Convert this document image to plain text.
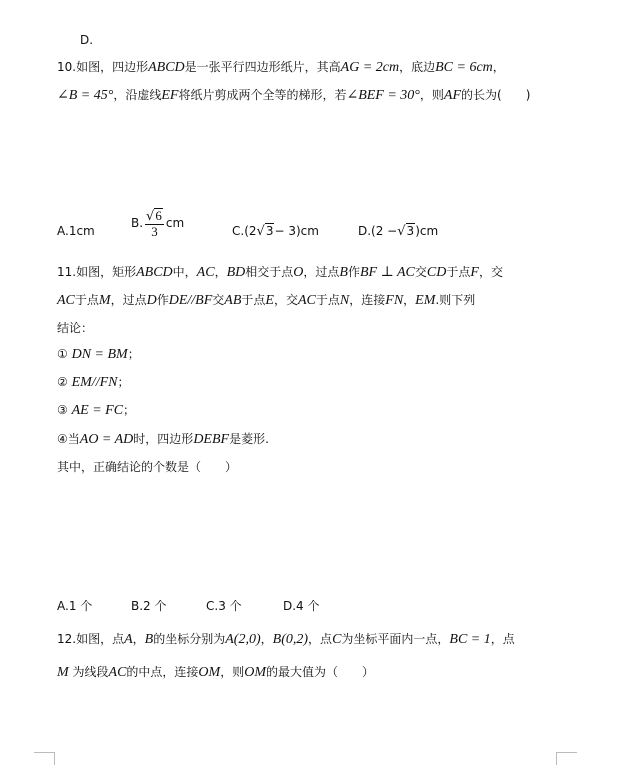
D.
10.如图，四边形ABCD是一张平行四边形纸片，其高AG = 2cm，底边BC = 6cm，
∠B = 45°，沿虚线EF将纸片剪成两个全等的梯形，若∠BEF = 30°，则AF的长为(　　)
A.1cm
B. $\frac{√6}{3}$ cm
C.(2√3− 3)cm	D.(2 −√3)cm
11.如图，矩形ABCD中，AC，BD相交于点O，过点B作BF ⊥ AC交CD于点F，交
AC于点M，过点D作DE//BF交AB于点E，交AC于点N，连接FN，EM.则下列
结论：
① DN = BM；
② EM//FN；
③ AE = FC；
④当AO = AD时，四边形DEBF是菱形.
其中，正确结论的个数是（　　）
A.1 个	B.2 个	C.3 个	D.4 个
12.如图，点A，B的坐标分别为A(2,0)，B(0,2)，点C为坐标平面内一点，BC = 1，点
M 为线段AC的中点，连接OM，则OM的最大值为（　　）
